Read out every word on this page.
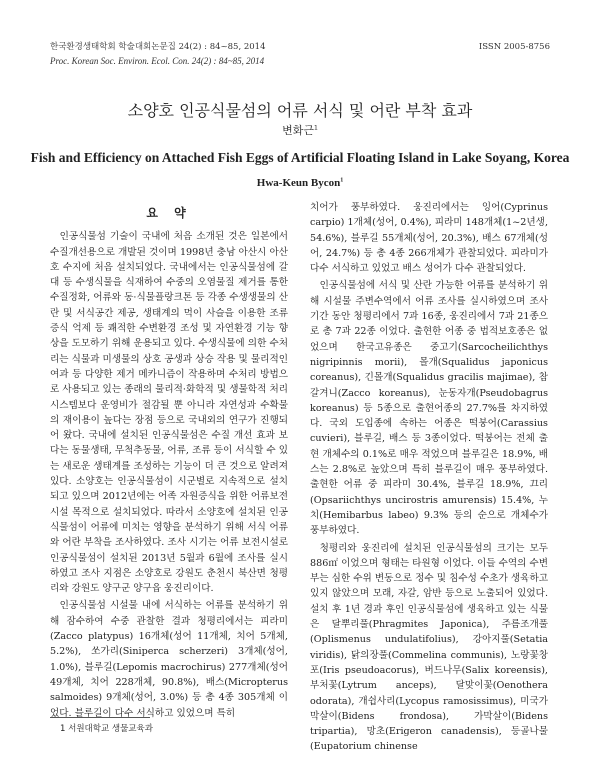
한국환경생태학회 학술대회논문집 24(2) : 84~85, 2014	ISSN 2005-8756
Proc. Korean Soc. Environ. Ecol. Con. 24(2) : 84~85, 2014
소양호 인공식물섬의 어류 서식 및 어란 부착 효과
변화근$^1$
Fish and Efficiency on Attached Fish Eggs of Artificial Floating Island in Lake Soyang, Korea
Hwa-Keun Bycon$^1$
요 약

인공식물섬 기술이 국내에 처음 소개된 것은 일본에서 수질개선용으로 개발된 것이며 1998년 충남 아산시 아산호 수지에 처음 설치되었다. 국내에서는 인공식물섬에 갈대 등 수생식물을 식재하여 수중의 오염물질 제거를 통한 수질정화, 어류와 동·식물플랑크톤 등 각종 수생생물의 산란 및 서식공간 제공, 생태계의 먹이 사슬을 이용한 조류 증식 억제 등 쾌적한 수변환경 조성 및 자연환경 기능 향상을 도모하기 위해 운용되고 있다. 수생식물에 의한 수처리는 식물과 미생물의 상호 공생과 상승 작용 및 물리적인 여과 등 다양한 제거 메카니즘이 작용하며 수처리 방법으로 사용되고 있는 종래의 물리적·화학적 및 생물학적 처리 시스템보다 운영비가 절감될 뿐 아니라 자연성과 수확물의 재이용이 높다는 장점 등으로 국내외의 연구가 진행되어 왔다. 국내에 설치된 인공식물섬은 수질 개선 효과 보다는 동물생태, 무척추동물, 어류, 조류 등이 서식할 수 있는 새로운 생태계를 조성하는 기능이 더 큰 것으로 알려져 있다. 소양호는 인공식물섬이 시군별로 지속적으로 설치되고 있으며 2012년에는 어족 자원증식을 위한 어류보전 시설 목적으로 설치되었다. 따라서 소양호에 설치된 인공식물섬이 어류에 미치는 영향을 분석하기 위해 서식 어류와 어란 부착을 조사하였다. 조사 시기는 어류 보전시설로 인공식물섬이 설치된 2013년 5월과 6월에 조사를 실시하였고 조사 지점은 소양호로 강원도 춘천시 북산면 청평리와 강원도 양구군 양구읍 웅진리이다.

인공식물섬 시설물 내에 서식하는 어류를 분석하기 위해 잠수하여 수중 관찰한 결과 청평리에서는 피라미(Zacco platypus) 16개체(성어 11개체, 치어 5개체, 5.2%), 쏘가리(Siniperca scherzeri) 3개체(성어, 1.0%), 블루길(Lepomis macrochirus) 277개체(성어 49개체, 치어 228개체, 90.8%), 배스(Micropterus salmoides) 9개체(성어, 3.0%) 등 총 4종 305개체 이었다. 블루길이 다수 서식하고 있었으며 특히

치어가 풍부하였다. 웅진리에서는 잉어(Cyprinus carpio) 1개체(성어, 0.4%), 피라미 148개체(1~2년생, 54.6%), 블루길 55개체(성어, 20.3%), 배스 67개체(성어, 24.7%) 등 총 4종 266개체가 관찰되었다. 피라미가 다수 서식하고 있었고 배스 성어가 다수 관찰되었다.

인공식물섬에 서식 및 산란 가능한 어류를 분석하기 위해 시설물 주변수역에서 어류 조사를 실시하였으며 조사 기간 동안 청평리에서 7과 16종, 웅진리에서 7과 21종으로 총 7과 22종 이었다. 출현한 어종 중 법적보호종은 없었으며 한국고유종은 중고기(Sarcocheilichthys nigripinnis morii), 몰개(Squalidus japonicus coreanus), 긴몰개(Squalidus gracilis majimae), 참갈겨니(Zacco koreanus), 눈동자개(Pseudobagrus koreanus) 등 5종으로 출현어종의 27.7%를 차지하였다. 국외 도입종에 속하는 어종은 떡붕어(Carassius cuvieri), 블루길, 배스 등 3종이었다. 떡붕어는 전체 출현 개체수의 0.1%로 매우 적었으며 블루길은 18.9%, 배스는 2.8%로 높았으며 특히 블루길이 매우 풍부하였다. 출현한 어류 중 피라미 30.4%, 블루길 18.9%, 끄리(Opsariichthys uncirostris amurensis) 15.4%, 누치(Hemibarbus labeo) 9.3% 등의 순으로 개체수가 풍부하였다.

청평리와 웅진리에 설치된 인공식물섬의 크기는 모두 886㎡ 이었으며 형태는 타원형 이었다. 이들 수역의 수변부는 심한 수위 변동으로 정수 및 침수성 수초가 생육하고 있지 않았으며 모래, 자갈, 암반 등으로 노출되어 있었다. 설치 후 1년 경과 후인 인공식물섬에 생육하고 있는 식물은 달뿌리풀(Phragmites Japonica), 주름조개풀(Oplismenus undulatifolius), 강아지풀(Setatia viridis), 닭의장풀(Commelina communis), 노랑꽃창포(Iris pseudoacorus), 버드나무(Salix koreensis), 부처꽃(Lytrum anceps), 달맞이꽃(Oenothera odorata), 개쉽사리(Lycopus ramosissimus), 미국가막살이(Bidens frondosa), 가막살이(Bidens tripartia), 망초(Erigeron canadensis), 등골나물(Eupatorium chinense

1 서원대학교 생물교육과
